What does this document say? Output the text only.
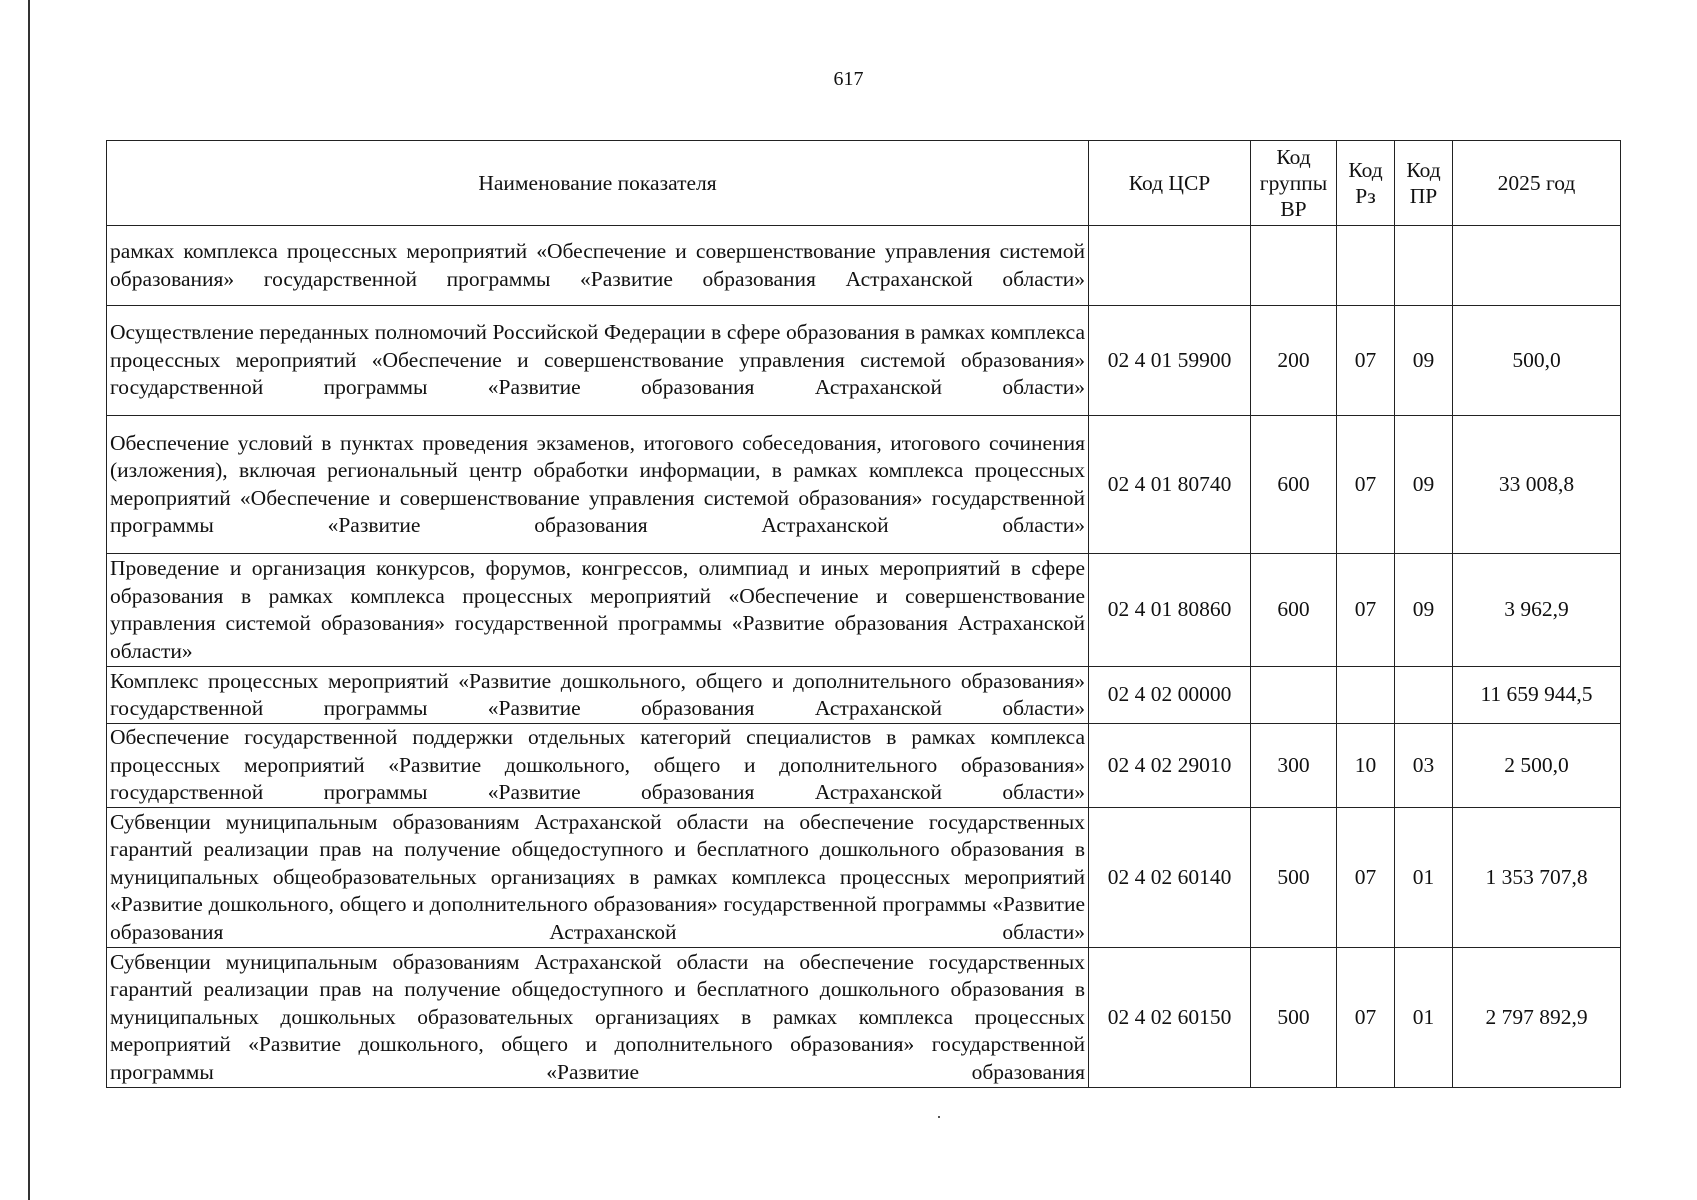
617
Наименование показателя	Код ЦСР	Код группы ВР	Код Рз	Код ПР	2025 год
рамках комплекса процессных мероприятий «Обеспечение и совершенствование управления системой образования» государственной программы «Развитие образования Астраханской области»					
Осуществление переданных полномочий Российской Федерации в сфере образования в рамках комплекса процессных мероприятий «Обеспечение и совершенствование управления системой образования» государственной программы «Развитие образования Астраханской области»	02 4 01 59900	200	07	09	500,0
Обеспечение условий в пунктах проведения экзаменов, итогового собеседования, итогового сочинения (изложения), включая региональный центр обработки информации, в рамках комплекса процессных мероприятий «Обеспечение и совершенствование управления системой образования» государственной программы «Развитие образования Астраханской области»	02 4 01 80740	600	07	09	33 008,8
Проведение и организация конкурсов, форумов, конгрессов, олимпиад и иных мероприятий в сфере образования в рамках комплекса процессных мероприятий «Обеспечение и совершенствование управления системой образования» государственной программы «Развитие образования Астраханской области»	02 4 01 80860	600	07	09	3 962,9
Комплекс процессных мероприятий «Развитие дошкольного, общего и дополнительного образования» государственной программы «Развитие образования Астраханской области»	02 4 02 00000				11 659 944,5
Обеспечение государственной поддержки отдельных категорий специалистов в рамках комплекса процессных мероприятий «Развитие дошкольного, общего и дополнительного образования» государственной программы «Развитие образования Астраханской области»	02 4 02 29010	300	10	03	2 500,0
Субвенции муниципальным образованиям Астраханской области на обеспечение государственных гарантий реализации прав на получение общедоступного и бесплатного дошкольного образования в муниципальных общеобразовательных организациях в рамках комплекса процессных мероприятий «Развитие дошкольного, общего и дополнительного образования» государственной программы «Развитие образования Астраханской области»	02 4 02 60140	500	07	01	1 353 707,8
Субвенции муниципальным образованиям Астраханской области на обеспечение государственных гарантий реализации прав на получение общедоступного и бесплатного дошкольного образования в муниципальных дошкольных образовательных организациях в рамках комплекса процессных мероприятий «Развитие дошкольного, общего и дополнительного образования» государственной программы «Развитие образования	02 4 02 60150	500	07	01	2 797 892,9
